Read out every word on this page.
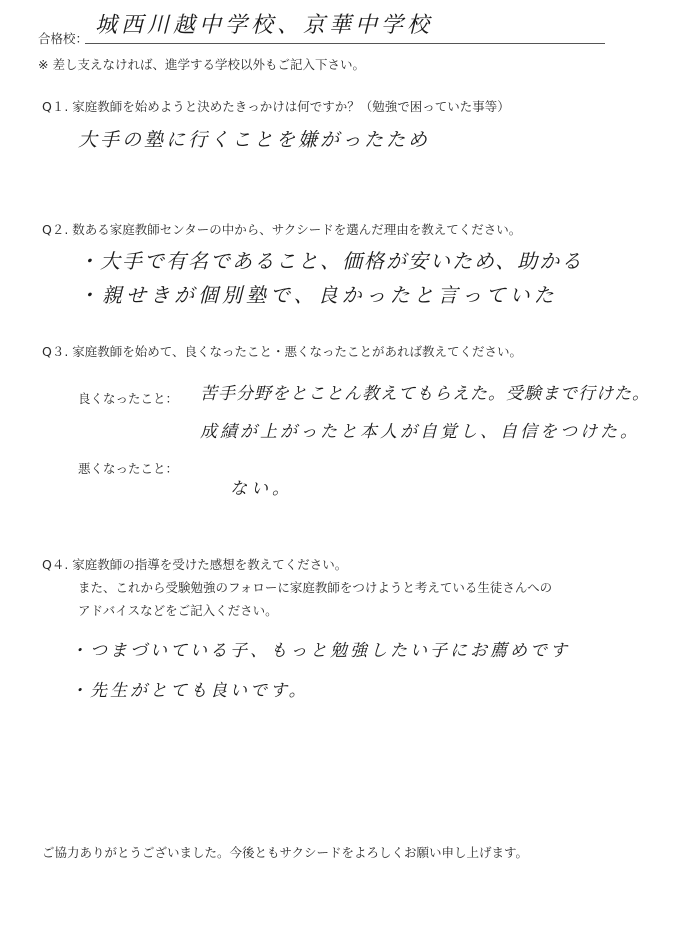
合格校：
城西川越中学校、京華中学校
※ 差し支えなければ、進学する学校以外もご記入下さい。
Q１. 家庭教師を始めようと決めたきっかけは何ですか？（勉強で困っていた事等）
大手の塾に行くことを嫌がったため
Q２. 数ある家庭教師センターの中から、サクシードを選んだ理由を教えてください。
・大手で有名であること、価格が安いため、助かる
・親せきが個別塾で、良かったと言っていた
Q３. 家庭教師を始めて、良くなったこと・悪くなったことがあれば教えてください。
良くなったこと： 苦手分野をとことん教えてもらえた。受験まで行けた。
成績が上がったと本人が自覚し、自信をつけた。
悪くなったこと：
ない。
Q４. 家庭教師の指導を受けた感想を教えてください。
また、これから受験勉強のフォローに家庭教師をつけようと考えている生徒さんへの
アドバイスなどをご記入ください。
・つまづいている子、もっと勉強したい子にお薦めです
・先生がとても良いです。
ご協力ありがとうございました。今後ともサクシードをよろしくお願い申し上げます。
